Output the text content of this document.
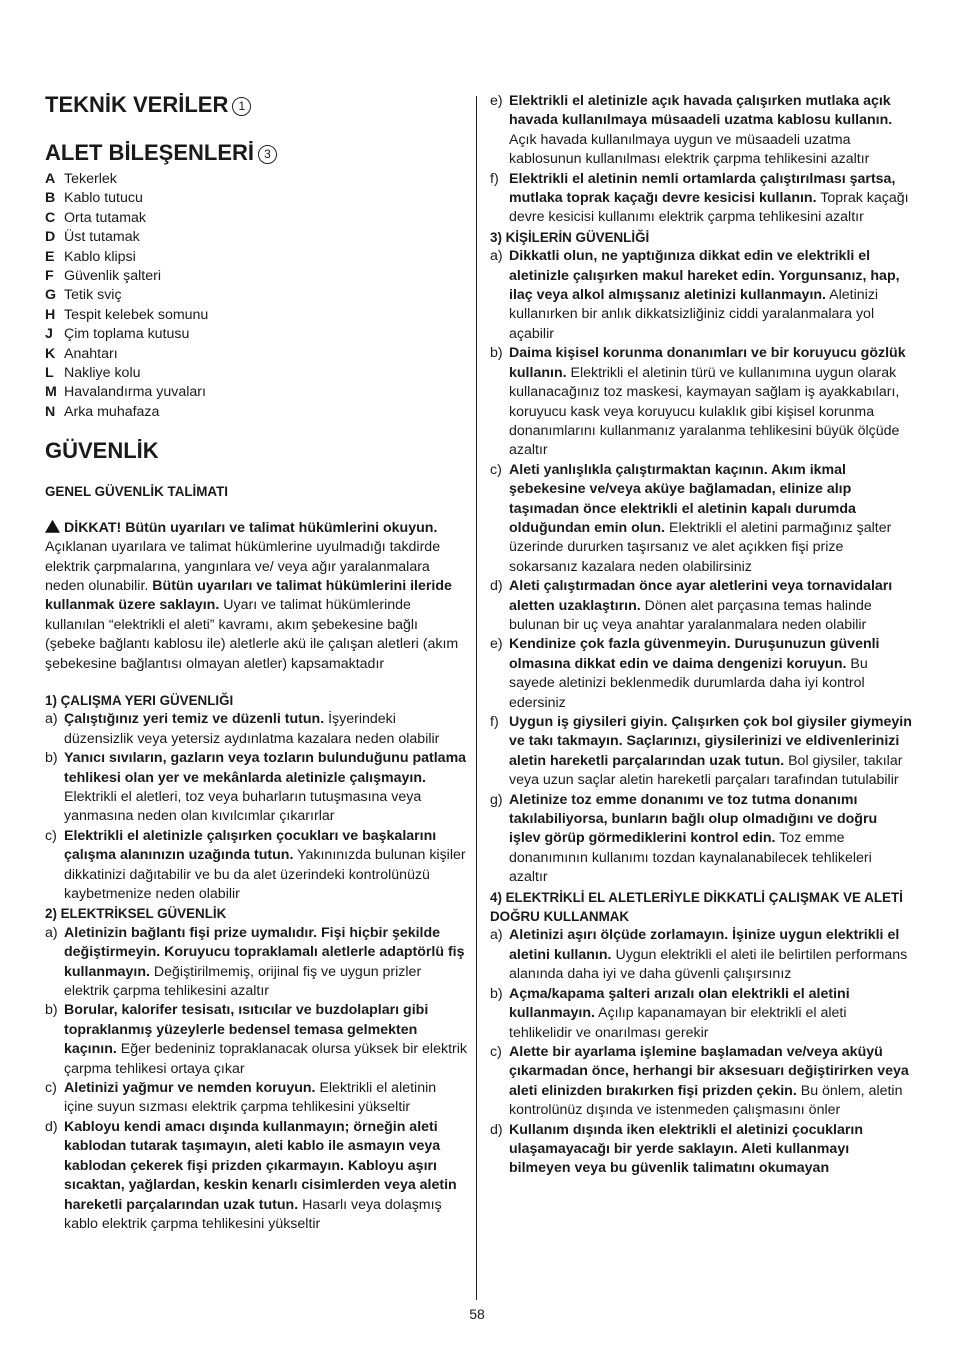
TEKNİK VERİLER 1
ALET BİLEŞENLERİ 3
A Tekerlek
B Kablo tutucu
C Orta tutamak
D Üst tutamak
E Kablo klipsi
F Güvenlik şalteri
G Tetik sviç
H Tespit kelebek somunu
J Çim toplama kutusu
K Anahtarı
L Nakliye kolu
M Havalandırma yuvaları
N Arka muhafaza
GÜVENLİK

GENEL GÜVENLİK TALİMATI

DİKKAT! Bütün uyarıları ve talimat hükümlerini okuyun. Açıklanan uyarılara ve talimat hükümlerine uyulmadığı takdirde elektrik çarpmalarına, yangınlara ve/ veya ağır yaralanmalara neden olunabilir. Bütün uyarıları ve talimat hükümlerini ileride kullanmak üzere saklayın. Uyarı ve talimat hükümlerinde kullanılan “elektrikli el aleti” kavramı, akım şebekesine bağlı (şebeke bağlantı kablosu ile) aletlerle akü ile çalışan aletleri (akım şebekesine bağlantısı olmayan aletler) kapsamaktadır

1) ÇALIŞMA YERI GÜVENLIĞI

a) Çalıştığınız yeri temiz ve düzenli tutun. İşyerindeki düzensizlik veya yetersiz aydınlatma kazalara neden olabilir
b) Yanıcı sıvıların, gazların veya tozların bulunduğunu patlama tehlikesi olan yer ve mekânlarda aletinizle çalışmayın. Elektrikli el aletleri, toz veya buharların tutuşmasına veya yanmasına neden olan kıvılcımlar çıkarırlar
c) Elektrikli el aletinizle çalışırken çocukları ve başkalarını çalışma alanınızın uzağında tutun. Yakınınızda bulunan kişiler dikkatinizi dağıtabilir ve bu da alet üzerindeki kontrolünüzü kaybetmenize neden olabilir

2) ELEKTRİKSEL GÜVENLİK

a) Aletinizin bağlantı fişi prize uymalıdır. Fişi hiçbir şekilde değiştirmeyin. Koruyucu topraklamalı aletlerle adaptörlü fiş kullanmayın. Değiştirilmemiş, orijinal fiş ve uygun prizler elektrik çarpma tehlikesini azaltır
b) Borular, kalorifer tesisatı, ısıtıcılar ve buzdolapları gibi topraklanmış yüzeylerle bedensel temasa gelmekten kaçının. Eğer bedeniniz topraklanacak olursa yüksek bir elektrik çarpma tehlikesi ortaya çıkar
c) Aletinizi yağmur ve nemden koruyun. Elektrikli el aletinin içine suyun sızması elektrik çarpma tehlikesini yükseltir
d) Kabloyu kendi amacı dışında kullanmayın; örneğin aleti kablodan tutarak taşımayın, aleti kablo ile asmayın veya kablodan çekerek fişi prizden çıkarmayın. Kabloyu aşırı sıcaktan, yağlardan, keskin kenarlı cisimlerden veya aletin hareketli parçalarından uzak tutun. Hasarlı veya dolaşmış kablo elektrik çarpma tehlikesini yükseltir
e) Elektrikli el aletinizle açık havada çalışırken mutlaka açık havada kullanılmaya müsaadeli uzatma kablosu kullanın. Açık havada kullanılmaya uygun ve müsaadeli uzatma kablosunun kullanılması elektrik çarpma tehlikesini azaltır
f) Elektrikli el aletinin nemli ortamlarda çalıştırılması şartsa, mutlaka toprak kaçağı devre kesicisi kullanın. Toprak kaçağı devre kesicisi kullanımı elektrik çarpma tehlikesini azaltır

3) KİŞİLERİN GÜVENLİĞİ

a) Dikkatli olun, ne yaptığınıza dikkat edin ve elektrikli el aletinizle çalışırken makul hareket edin. Yorgunsanız, hap, ilaç veya alkol almışsanız aletinizi kullanmayın. Aletinizi kullanırken bir anlık dikkatsizliğiniz ciddi yaralanmalara yol açabilir
b) Daima kişisel korunma donanımları ve bir koruyucu gözlük kullanın. Elektrikli el aletinin türü ve kullanımına uygun olarak kullanacağınız toz maskesi, kaymayan sağlam iş ayakkabıları, koruyucu kask veya koruyucu kulaklık gibi kişisel korunma donanımlarını kullanmanız yaralanma tehlikesini büyük ölçüde azaltır
c) Aleti yanlışlıkla çalıştırmaktan kaçının. Akım ikmal şebekesine ve/veya aküye bağlamadan, elinize alıp taşımadan önce elektrikli el aletinin kapalı durumda olduğundan emin olun. Elektrikli el aletini parmağınız şalter üzerinde dururken taşırsanız ve alet açıkken fişi prize sokarsanız kazalara neden olabilirsiniz
d) Aleti çalıştırmadan önce ayar aletlerini veya tornavidaları aletten uzaklaştırın. Dönen alet parçasına temas halinde bulunan bir uç veya anahtar yaralanmalara neden olabilir
e) Kendinize çok fazla güvenmeyin. Duruşunuzun güvenli olmasına dikkat edin ve daima dengenizi koruyun. Bu sayede aletinizi beklenmedik durumlarda daha iyi kontrol edersiniz
f) Uygun iş giysileri giyin. Çalışırken çok bol giysiler giymeyin ve takı takmayın. Saçlarınızı, giysilerinizi ve eldivenlerinizi aletin hareketli parçalarından uzak tutun. Bol giysiler, takılar veya uzun saçlar aletin hareketli parçaları tarafından tutulabilir
g) Aletinize toz emme donanımı ve toz tutma donanımı takılabiliyorsa, bunların bağlı olup olmadığını ve doğru işlev görüp görmediklerini kontrol edin. Toz emme donanımının kullanımı tozdan kaynalanabilecek tehlikeleri azaltır

4) ELEKTRİKLİ EL ALETLERİYLE DİKKATLİ ÇALIŞMAK VE ALETİ DOĞRU KULLANMAK

a) Aletinizi aşırı ölçüde zorlamayın. İşinize uygun elektrikli el aletini kullanın. Uygun elektrikli el aleti ile belirtilen performans alanında daha iyi ve daha güvenli çalışırsınız
b) Açma/kapama şalteri arızalı olan elektrikli el aletini kullanmayın. Açılıp kapanamayan bir elektrikli el aleti tehlikelidir ve onarılması gerekir
c) Alette bir ayarlama işlemine başlamadan ve/veya aküyü çıkarmadan önce, herhangi bir aksesuarı değiştirirken veya aleti elinizden bırakırken fişi prizden çekin. Bu önlem, aletin kontrolünüz dışında ve istenmeden çalışmasını önler
d) Kullanım dışında iken elektrikli el aletinizi çocukların ulaşamayacağı bir yerde saklayın. Aleti kullanmayı bilmeyen veya bu güvenlik talimatını okumayan
58
